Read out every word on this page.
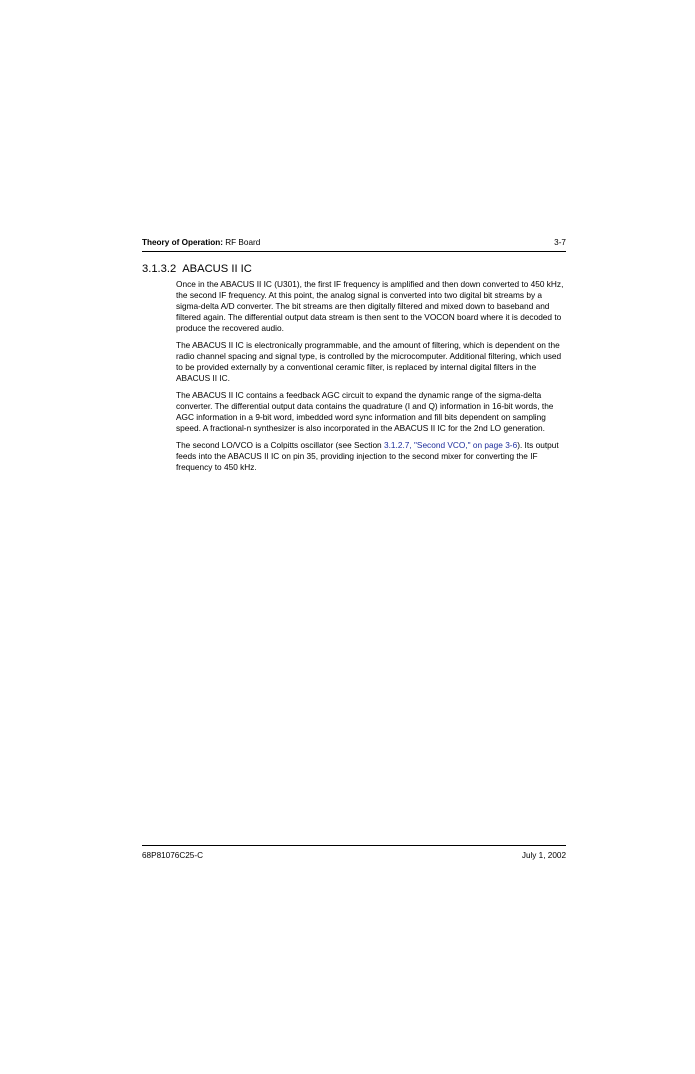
Theory of Operation: RF Board	3-7
3.1.3.2 ABACUS II IC

Once in the ABACUS II IC (U301), the first IF frequency is amplified and then down converted to 450 kHz, the second IF frequency. At this point, the analog signal is converted into two digital bit streams by a sigma-delta A/D converter. The bit streams are then digitally filtered and mixed down to baseband and filtered again. The differential output data stream is then sent to the VOCON board where it is decoded to produce the recovered audio.

The ABACUS II IC is electronically programmable, and the amount of filtering, which is dependent on the radio channel spacing and signal type, is controlled by the microcomputer. Additional filtering, which used to be provided externally by a conventional ceramic filter, is replaced by internal digital filters in the ABACUS II IC.

The ABACUS II IC contains a feedback AGC circuit to expand the dynamic range of the sigma-delta converter. The differential output data contains the quadrature (I and Q) information in 16-bit words, the AGC information in a 9-bit word, imbedded word sync information and fill bits dependent on sampling speed. A fractional-n synthesizer is also incorporated in the ABACUS II IC for the 2nd LO generation.

The second LO/VCO is a Colpitts oscillator (see Section 3.1.2.7, "Second VCO," on page 3-6). Its output feeds into the ABACUS II IC on pin 35, providing injection to the second mixer for converting the IF frequency to 450 kHz.

68P81076C25-C	July 1, 2002
